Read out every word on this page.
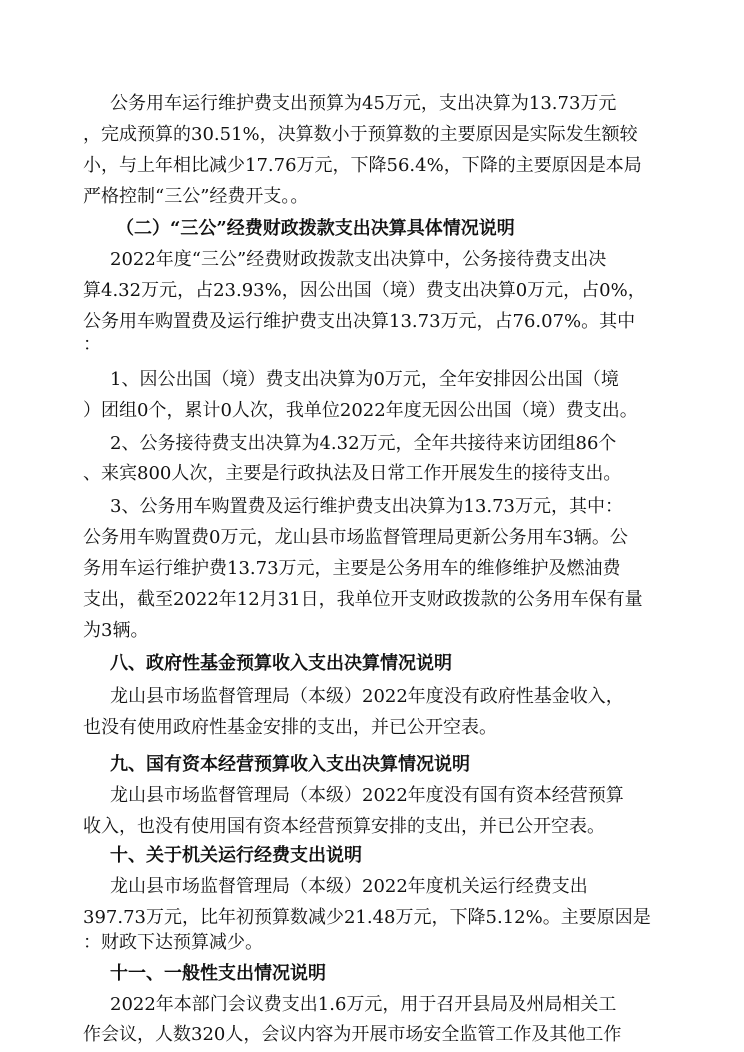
公务用车运行维护费支出预算为45万元，支出决算为13.73万元
，完成预算的30.51%，决算数小于预算数的主要原因是实际发生额较
小，与上年相比减少17.76万元，下降56.4%，下降的主要原因是本局
严格控制“三公”经费开支。。
（二）“三公”经费财政拨款支出决算具体情况说明
2022年度“三公”经费财政拨款支出决算中，公务接待费支出决
算4.32万元，占23.93%，因公出国（境）费支出决算0万元，占0%，
公务用车购置费及运行维护费支出决算13.73万元，占76.07%。其中
：
1、因公出国（境）费支出决算为0万元，全年安排因公出国（境
）团组0个，累计0人次，我单位2022年度无因公出国（境）费支出。
2、公务接待费支出决算为4.32万元，全年共接待来访团组86个
、来宾800人次，主要是行政执法及日常工作开展发生的接待支出。
3、公务用车购置费及运行维护费支出决算为13.73万元，其中：
公务用车购置费0万元，龙山县市场监督管理局更新公务用车3辆。公
务用车运行维护费13.73万元，主要是公务用车的维修维护及燃油费
支出，截至2022年12月31日，我单位开支财政拨款的公务用车保有量
为3辆。
八、政府性基金预算收入支出决算情况说明
龙山县市场监督管理局（本级）2022年度没有政府性基金收入，
也没有使用政府性基金安排的支出，并已公开空表。
九、国有资本经营预算收入支出决算情况说明
龙山县市场监督管理局（本级）2022年度没有国有资本经营预算
收入，也没有使用国有资本经营预算安排的支出，并已公开空表。
十、关于机关运行经费支出说明
龙山县市场监督管理局（本级）2022年度机关运行经费支出
397.73万元，比年初预算数减少21.48万元，下降5.12%。主要原因是
：财政下达预算减少。
十一、一般性支出情况说明
2022年本部门会议费支出1.6万元，用于召开县局及州局相关工
作会议，人数320人，会议内容为开展市场安全监管工作及其他工作
